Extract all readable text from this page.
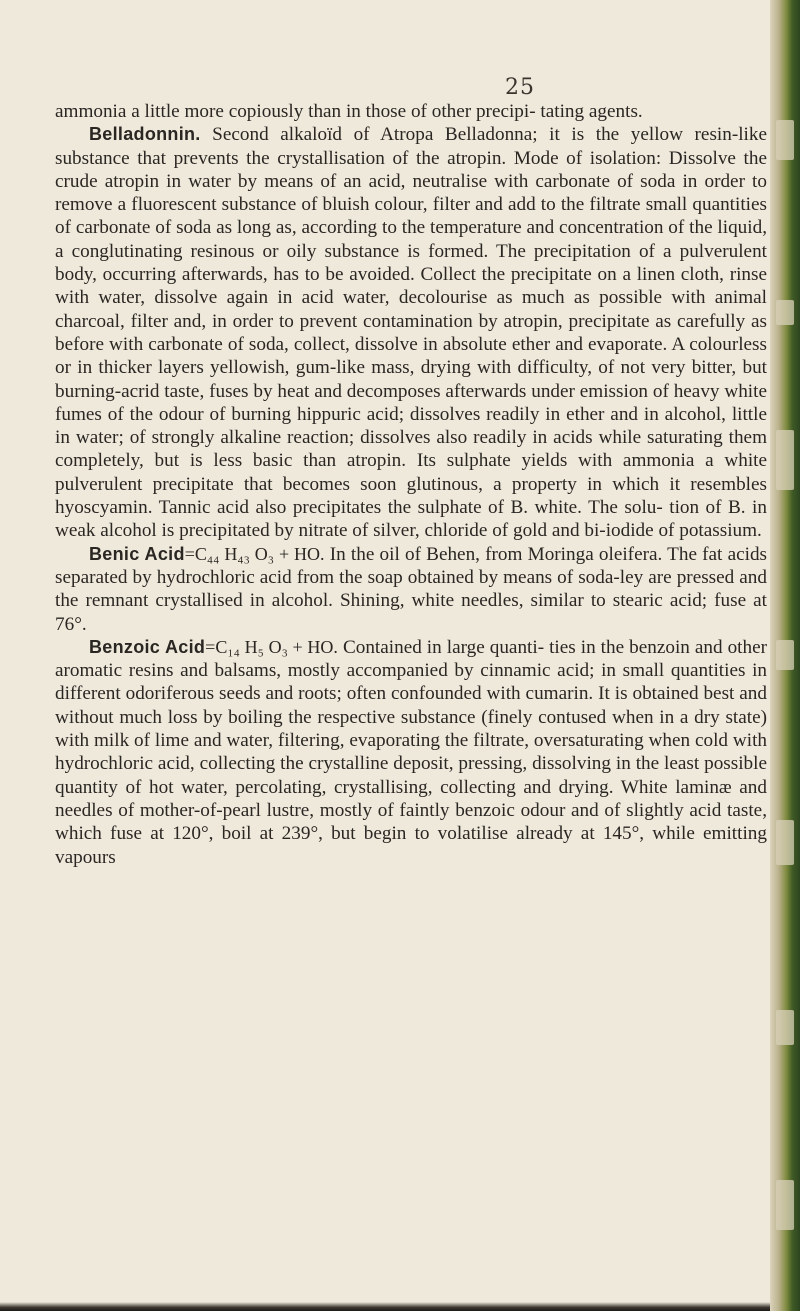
25

ammonia a little more copiously than in those of other precipi- tating agents.

Belladonnin. Second alkaloïd of Atropa Belladonna; it is the yellow resin-like substance that prevents the crystallisation of the atropin. Mode of isolation: Dissolve the crude atropin in water by means of an acid, neutralise with carbonate of soda in order to remove a fluorescent substance of bluish colour, filter and add to the filtrate small quantities of carbonate of soda as long as, according to the temperature and concentration of the liquid, a conglutinating resinous or oily substance is formed. The precipitation of a pulverulent body, occurring afterwards, has to be avoided. Collect the precipitate on a linen cloth, rinse with water, dissolve again in acid water, decolourise as much as possible with animal charcoal, filter and, in order to prevent contamination by atropin, precipitate as carefully as before with carbonate of soda, collect, dissolve in absolute ether and evaporate. A colourless or in thicker layers yellowish, gum-like mass, drying with difficulty, of not very bitter, but burning-acrid taste, fuses by heat and decomposes afterwards under emission of heavy white fumes of the odour of burning hippuric acid; dissolves readily in ether and in alcohol, little in water; of strongly alkaline reaction; dissolves also readily in acids while saturating them completely, but is less basic than atropin. Its sulphate yields with ammonia a white pulverulent precipitate that becomes soon glutinous, a property in which it resembles hyoscyamin. Tannic acid also precipitates the sulphate of B. white. The solu- tion of B. in weak alcohol is precipitated by nitrate of silver, chloride of gold and bi-iodide of potassium.

Benic Acid=C₄₄ H₄₃ O₃ + HO. In the oil of Behen, from Moringa oleifera. The fat acids separated by hydrochloric acid from the soap obtained by means of soda-ley are pressed and the remnant crystallised in alcohol. Shining, white needles, similar to stearic acid; fuse at 76°.

Benzoic Acid=C₁₄ H₅ O₃ + HO. Contained in large quanti- ties in the benzoin and other aromatic resins and balsams, mostly accompanied by cinnamic acid; in small quantities in different odoriferous seeds and roots; often confounded with cumarin. It is obtained best and without much loss by boiling the respective substance (finely contused when in a dry state) with milk of lime and water, filtering, evaporating the filtrate, oversaturating when cold with hydrochloric acid, collecting the crystalline deposit, pressing, dissolving in the least possible quantity of hot water, percolating, crystallising, collecting and drying. White laminæ and needles of mother-of-pearl lustre, mostly of faintly benzoic odour and of slightly acid taste, which fuse at 120°, boil at 239°, but begin to volatilise already at 145°, while emitting vapours
